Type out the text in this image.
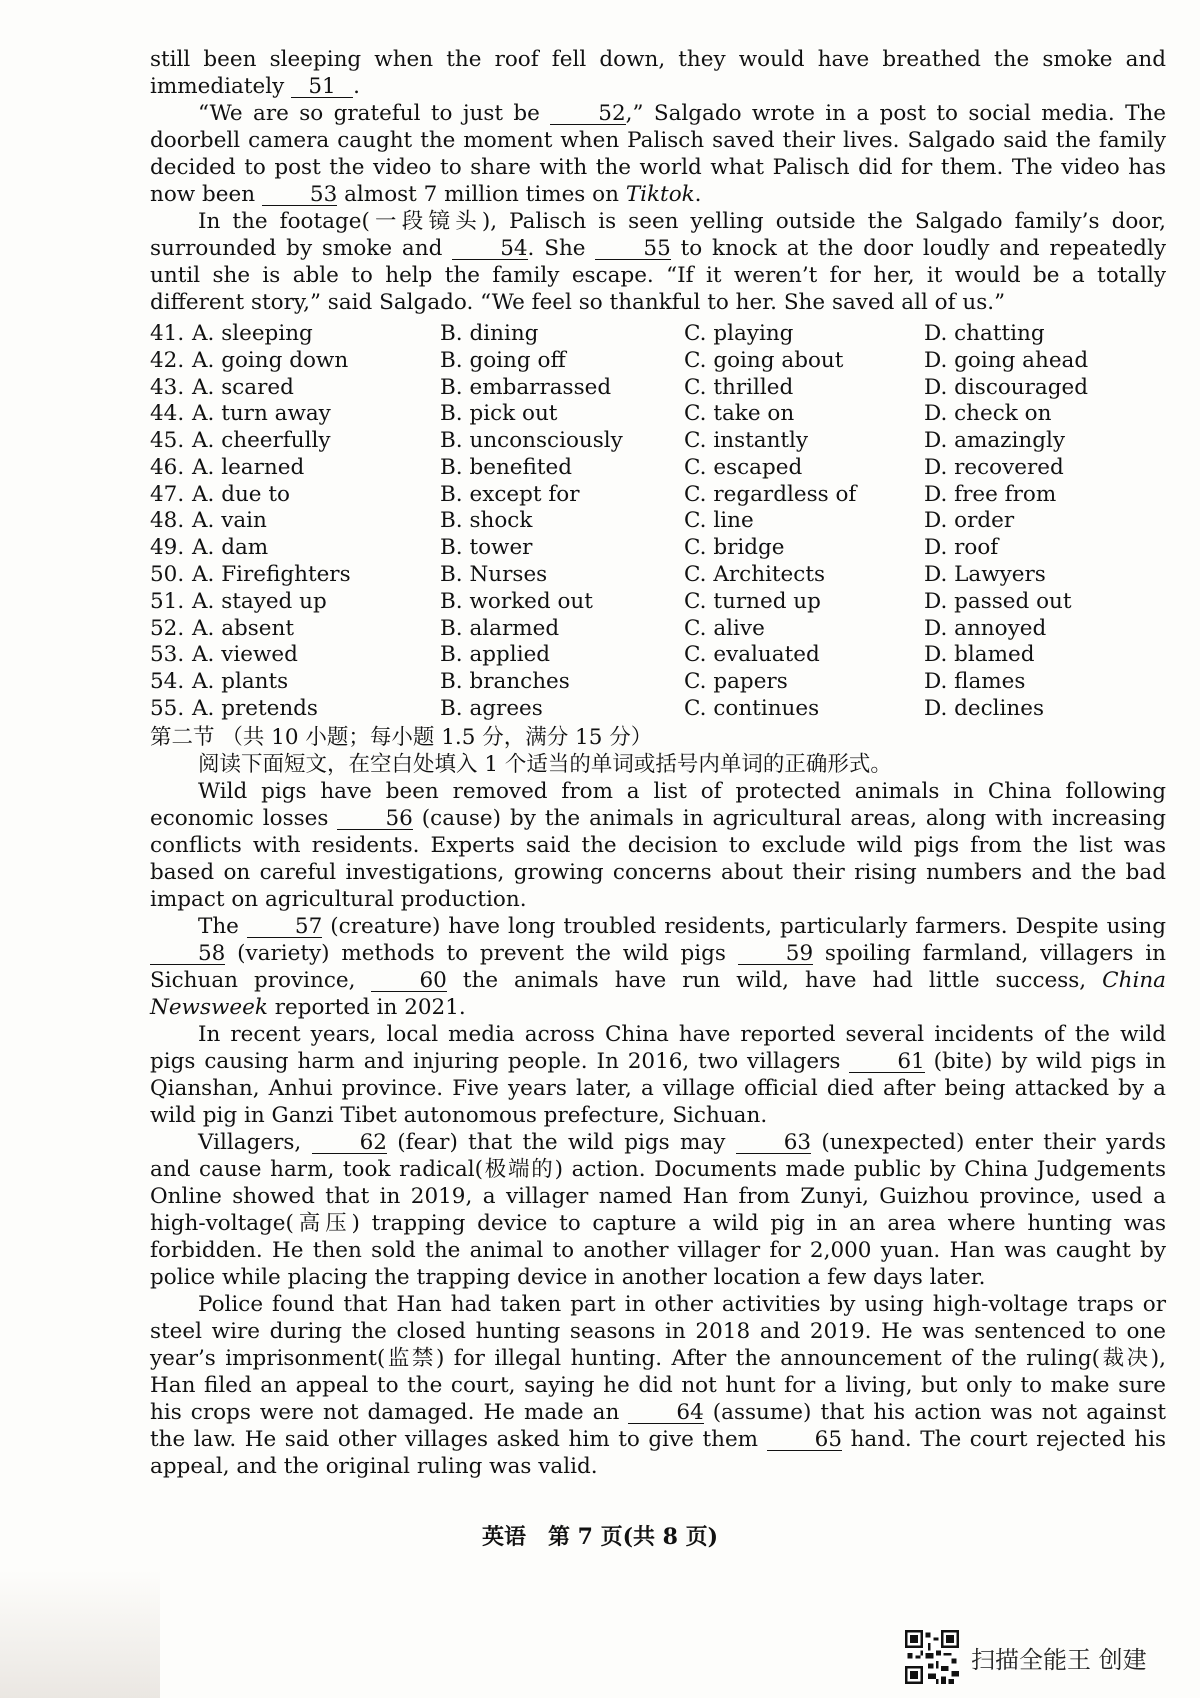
still been sleeping when the roof fell down, they would have breathed the smoke and immediately 51 .

“We are so grateful to just be 52,” Salgado wrote in a post to social media. The doorbell camera caught the moment when Palisch saved their lives. Salgado said the family decided to post the video to share with the world what Palisch did for them. The video has now been 53 almost 7 million times on Tiktok.

In the footage(一段镜头), Palisch is seen yelling outside the Salgado family’s door, surrounded by smoke and 54. She 55 to knock at the door loudly and repeatedly until she is able to help the family escape. “If it weren’t for her, it would be a totally different story,” said Salgado. “We feel so thankful to her. She saved all of us.”

41. A. sleeping	B. dining	C. playing	D. chatting
42. A. going down	B. going off	C. going about	D. going ahead
43. A. scared	B. embarrassed	C. thrilled	D. discouraged
44. A. turn away	B. pick out	C. take on	D. check on
45. A. cheerfully	B. unconsciously	C. instantly	D. amazingly
46. A. learned	B. benefited	C. escaped	D. recovered
47. A. due to	B. except for	C. regardless of	D. free from
48. A. vain	B. shock	C. line	D. order
49. A. dam	B. tower	C. bridge	D. roof
50. A. Firefighters	B. Nurses	C. Architects	D. Lawyers
51. A. stayed up	B. worked out	C. turned up	D. passed out
52. A. absent	B. alarmed	C. alive	D. annoyed
53. A. viewed	B. applied	C. evaluated	D. blamed
54. A. plants	B. branches	C. papers	D. flames
55. A. pretends	B. agrees	C. continues	D. declines

第二节 （共 10 小题；每小题 1.5 分，满分 15 分）

阅读下面短文，在空白处填入 1 个适当的单词或括号内单词的正确形式。

Wild pigs have been removed from a list of protected animals in China following economic losses 56 (cause) by the animals in agricultural areas, along with increasing conflicts with residents. Experts said the decision to exclude wild pigs from the list was based on careful investigations, growing concerns about their rising numbers and the bad impact on agricultural production.

The 57 (creature) have long troubled residents, particularly farmers. Despite using 58 (variety) methods to prevent the wild pigs 59 spoiling farmland, villagers in Sichuan province, 60 the animals have run wild, have had little success, China Newsweek reported in 2021.

In recent years, local media across China have reported several incidents of the wild pigs causing harm and injuring people. In 2016, two villagers 61 (bite) by wild pigs in Qianshan, Anhui province. Five years later, a village official died after being attacked by a wild pig in Ganzi Tibet autonomous prefecture, Sichuan.

Villagers, 62 (fear) that the wild pigs may 63 (unexpected) enter their yards and cause harm, took radical(极端的) action. Documents made public by China Judgements Online showed that in 2019, a villager named Han from Zunyi, Guizhou province, used a high-voltage(高压) trapping device to capture a wild pig in an area where hunting was forbidden. He then sold the animal to another villager for 2,000 yuan. Han was caught by police while placing the trapping device in another location a few days later.

Police found that Han had taken part in other activities by using high-voltage traps or steel wire during the closed hunting seasons in 2018 and 2019. He was sentenced to one year’s imprisonment(监禁) for illegal hunting. After the announcement of the ruling(裁决), Han filed an appeal to the court, saying he did not hunt for a living, but only to make sure his crops were not damaged. He made an 64 (assume) that his action was not against the law. He said other villages asked him to give them 65 hand. The court rejected his appeal, and the original ruling was valid.

英语　第 7 页(共 8 页)
扫描全能王 创建
